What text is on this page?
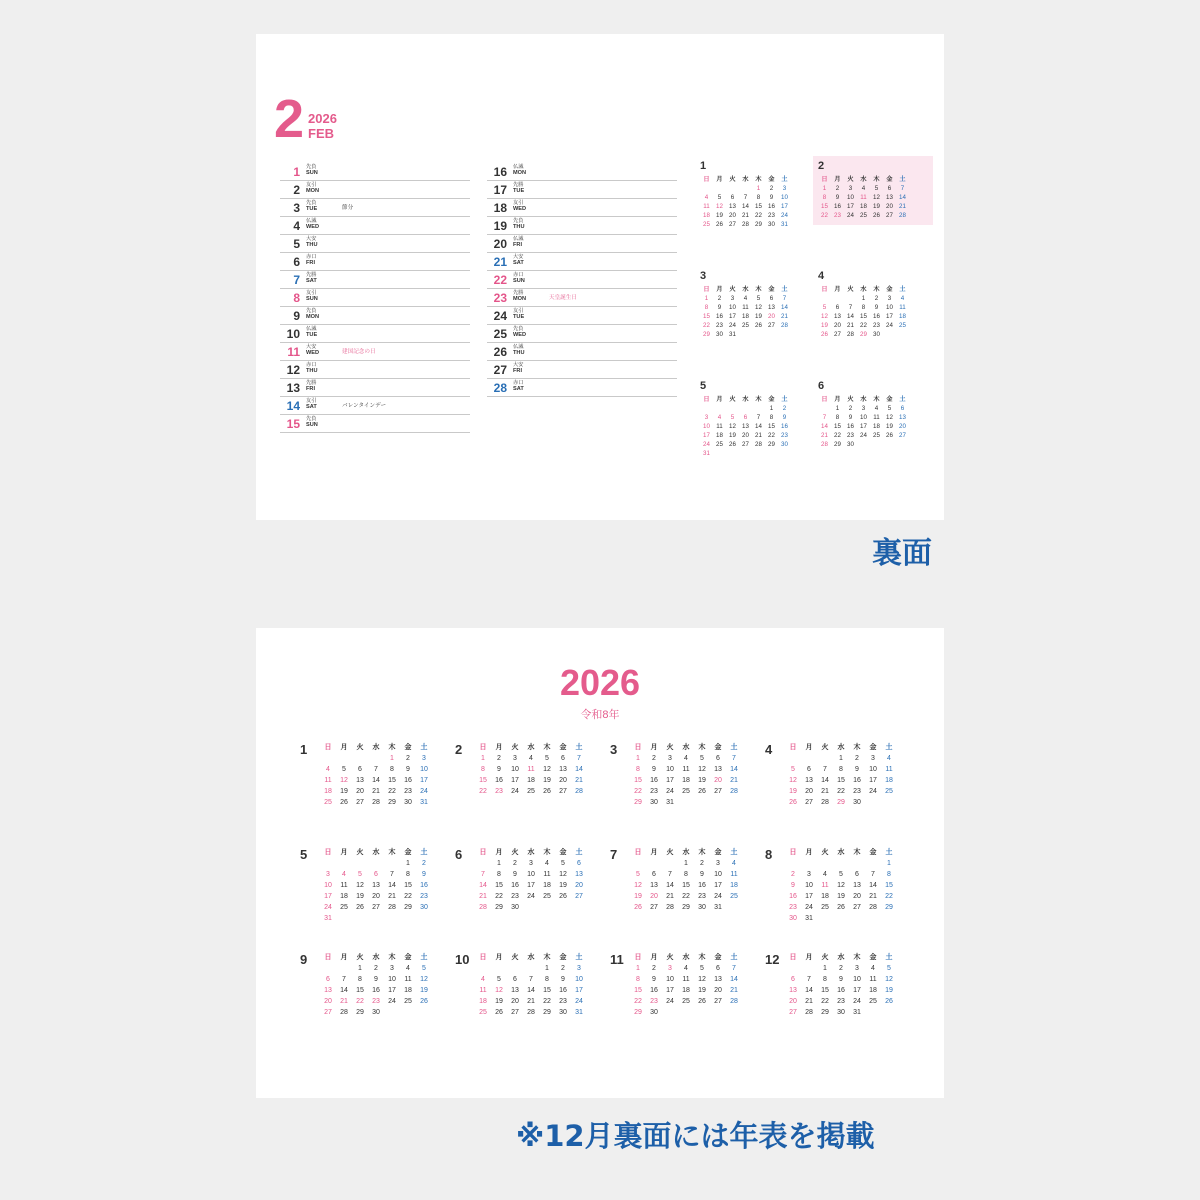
2 2026
FEB
1 先負
SUN
2 友引
MON
3 先負
TUE	節分
4 仏滅
WED
5 大安
THU
6 赤口
FRI
7 先勝
SAT
8 友引
SUN
9 先負
MON
10 仏滅
TUE
11 大安
WED	建国記念の日
12 赤口
THU
13 先勝
FRI
14 友引
SAT	バレンタインデー
15 先負
SUN
16 仏滅
MON
17 先勝
TUE
18 友引
WED
19 先負
THU
20 仏滅
FRI
21 大安
SAT
22 赤口
SUN
23 先勝
MON	天皇誕生日
24 友引
TUE
25 先負
WED
26 仏滅
THU
27 大安
FRI
28 赤口
SAT
1
日	月	火	水	木	金	土
				1	2	3
4	5	6	7	8	9	10
11	12	13	14	15	16	17
18	19	20	21	22	23	24
25	26	27	28	29	30	31
2
日	月	火	水	木	金	土
1	2	3	4	5	6	7
8	9	10	11	12	13	14
15	16	17	18	19	20	21
22	23	24	25	26	27	28
3
日	月	火	水	木	金	土
1	2	3	4	5	6	7
8	9	10	11	12	13	14
15	16	17	18	19	20	21
22	23	24	25	26	27	28
29	30	31				
4
日	月	火	水	木	金	土
			1	2	3	4
5	6	7	8	9	10	11
12	13	14	15	16	17	18
19	20	21	22	23	24	25
26	27	28	29	30		
5
日	月	火	水	木	金	土
					1	2
3	4	5	6	7	8	9
10	11	12	13	14	15	16
17	18	19	20	21	22	23
24	25	26	27	28	29	30
31						
6
日	月	火	水	木	金	土
	1	2	3	4	5	6
7	8	9	10	11	12	13
14	15	16	17	18	19	20
21	22	23	24	25	26	27
28	29	30				
裏面
2026
令和8年
1 日	月	火	水	木	金	土
				1	2	3
4	5	6	7	8	9	10
11	12	13	14	15	16	17
18	19	20	21	22	23	24
25	26	27	28	29	30	31
2 日	月	火	水	木	金	土
1	2	3	4	5	6	7
8	9	10	11	12	13	14
15	16	17	18	19	20	21
22	23	24	25	26	27	28
3 日	月	火	水	木	金	土
1	2	3	4	5	6	7
8	9	10	11	12	13	14
15	16	17	18	19	20	21
22	23	24	25	26	27	28
29	30	31				
4 日	月	火	水	木	金	土
			1	2	3	4
5	6	7	8	9	10	11
12	13	14	15	16	17	18
19	20	21	22	23	24	25
26	27	28	29	30		
5 日	月	火	水	木	金	土
					1	2
3	4	5	6	7	8	9
10	11	12	13	14	15	16
17	18	19	20	21	22	23
24	25	26	27	28	29	30
31						
6 日	月	火	水	木	金	土
	1	2	3	4	5	6
7	8	9	10	11	12	13
14	15	16	17	18	19	20
21	22	23	24	25	26	27
28	29	30				
7 日	月	火	水	木	金	土
			1	2	3	4
5	6	7	8	9	10	11
12	13	14	15	16	17	18
19	20	21	22	23	24	25
26	27	28	29	30	31	
8 日	月	火	水	木	金	土
						1
2	3	4	5	6	7	8
9	10	11	12	13	14	15
16	17	18	19	20	21	22
23	24	25	26	27	28	29
30	31					
9 日	月	火	水	木	金	土
		1	2	3	4	5
6	7	8	9	10	11	12
13	14	15	16	17	18	19
20	21	22	23	24	25	26
27	28	29	30			
10 日	月	火	水	木	金	土
				1	2	3
4	5	6	7	8	9	10
11	12	13	14	15	16	17
18	19	20	21	22	23	24
25	26	27	28	29	30	31
11 日	月	火	水	木	金	土
1	2	3	4	5	6	7
8	9	10	11	12	13	14
15	16	17	18	19	20	21
22	23	24	25	26	27	28
29	30					
12 日	月	火	水	木	金	土
		1	2	3	4	5
6	7	8	9	10	11	12
13	14	15	16	17	18	19
20	21	22	23	24	25	26
27	28	29	30	31		
※12月裏面には年表を掲載
